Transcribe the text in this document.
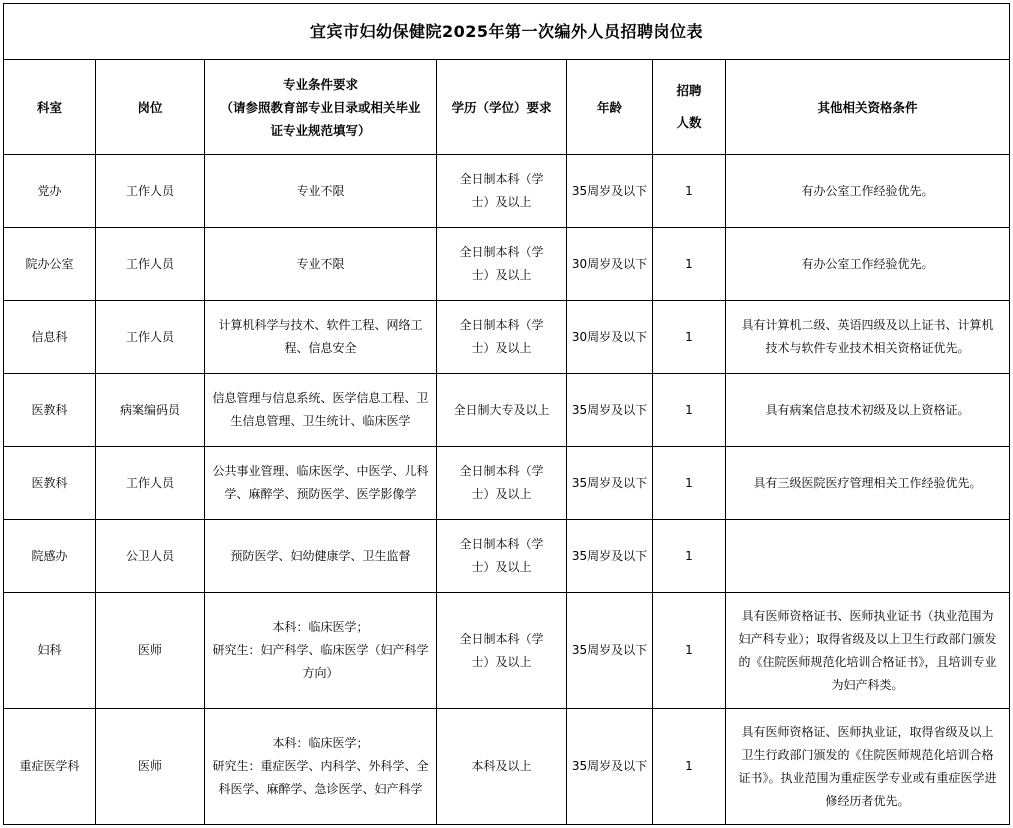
宜宾市妇幼保健院2025年第一次编外人员招聘岗位表						
科室	岗位	专业条件要求
（请参照教育部专业目录或相关毕业证专业规范填写）	学历（学位）要求	年龄	招聘人数	其他相关资格条件
党办	工作人员	专业不限	全日制本科（学士）及以上	35周岁及以下	1	有办公室工作经验优先。
院办公室	工作人员	专业不限	全日制本科（学士）及以上	30周岁及以下	1	有办公室工作经验优先。
信息科	工作人员	计算机科学与技术、软件工程、网络工程、信息安全	全日制本科（学士）及以上	30周岁及以下	1	具有计算机二级、英语四级及以上证书、计算机技术与软件专业技术相关资格证优先。
医教科	病案编码员	信息管理与信息系统、医学信息工程、卫生信息管理、卫生统计、临床医学	全日制大专及以上	35周岁及以下	1	具有病案信息技术初级及以上资格证。
医教科	工作人员	公共事业管理、临床医学、中医学、儿科学、麻醉学、预防医学、医学影像学	全日制本科（学士）及以上	35周岁及以下	1	具有三级医院医疗管理相关工作经验优先。
院感办	公卫人员	预防医学、妇幼健康学、卫生监督	全日制本科（学士）及以上	35周岁及以下	1	
妇科	医师	本科：临床医学；
研究生：妇产科学、临床医学（妇产科学方向）	全日制本科（学士）及以上	35周岁及以下	1	具有医师资格证书、医师执业证书（执业范围为妇产科专业）；取得省级及以上卫生行政部门颁发的《住院医师规范化培训合格证书》，且培训专业为妇产科类。
重症医学科	医师	本科：临床医学；
研究生：重症医学、内科学、外科学、全科医学、麻醉学、急诊医学、妇产科学	本科及以上	35周岁及以下	1	具有医师资格证、医师执业证，取得省级及以上卫生行政部门颁发的《住院医师规范化培训合格证书》。执业范围为重症医学专业或有重症医学进修经历者优先。
